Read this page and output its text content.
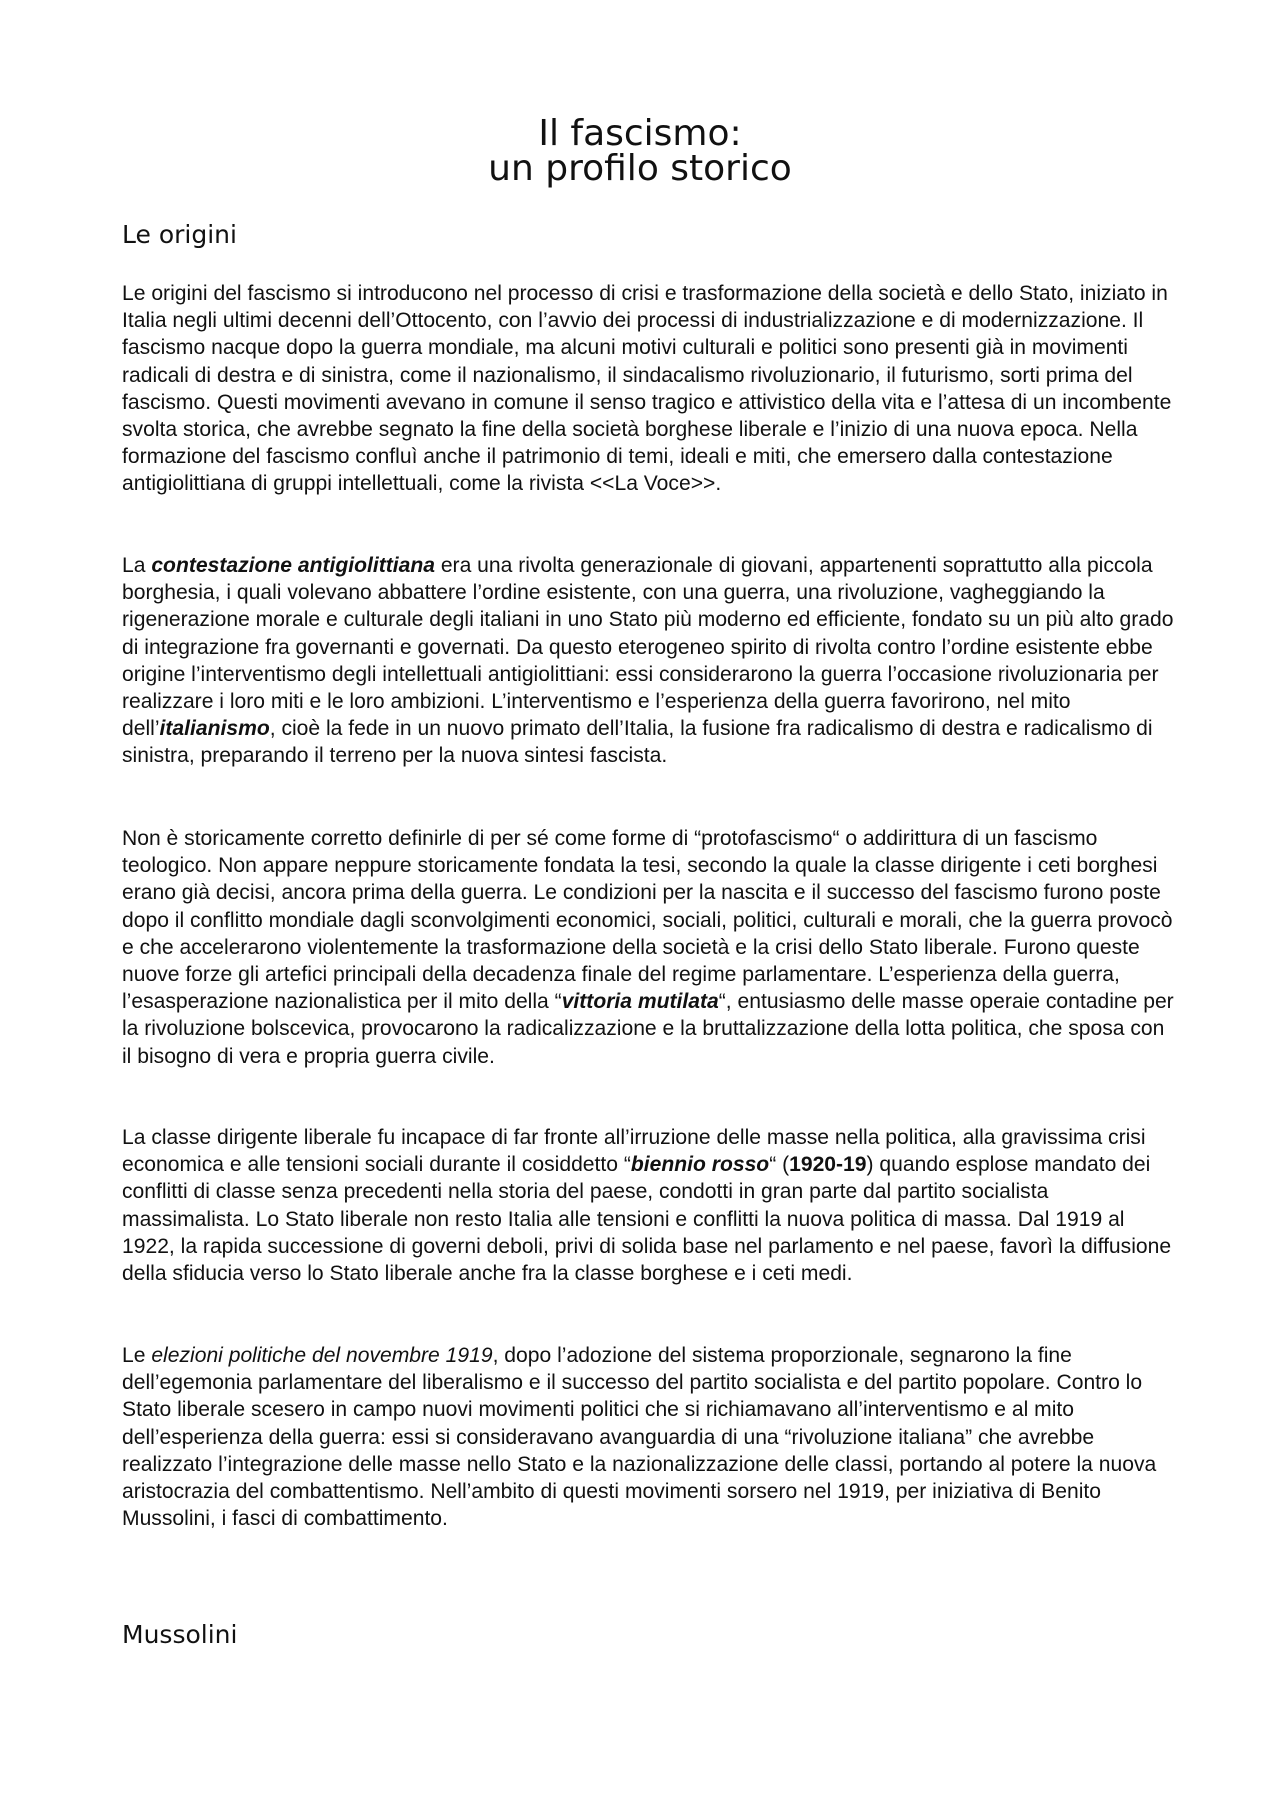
Il fascismo:
un profilo storico
Le origini

Le origini del fascismo si introducono nel processo di crisi e trasformazione della società e dello Stato, iniziato in Italia negli ultimi decenni dell’Ottocento, con l’avvio dei processi di industrializzazione e di modernizzazione. Il fascismo nacque dopo la guerra mondiale, ma alcuni motivi culturali e politici sono presenti già in movimenti radicali di destra e di sinistra, come il nazionalismo, il sindacalismo rivoluzionario, il futurismo, sorti prima del fascismo. Questi movimenti avevano in comune il senso tragico e attivistico della vita e l’attesa di un incombente svolta storica, che avrebbe segnato la fine della società borghese liberale e l’inizio di una nuova epoca. Nella formazione del fascismo confluì anche il patrimonio di temi, ideali e miti, che emersero dalla contestazione antigiolittiana di gruppi intellettuali, come la rivista <<La Voce>>.

La contestazione antigiolittiana era una rivolta generazionale di giovani, appartenenti soprattutto alla piccola borghesia, i quali volevano abbattere l’ordine esistente, con una guerra, una rivoluzione, vagheggiando la rigenerazione morale e culturale degli italiani in uno Stato più moderno ed efficiente, fondato su un più alto grado di integrazione fra governanti e governati. Da questo eterogeneo spirito di rivolta contro l’ordine esistente ebbe origine l’interventismo degli intellettuali antigiolittiani: essi considerarono la guerra l’occasione rivoluzionaria per realizzare i loro miti e le loro ambizioni. L’interventismo e l’esperienza della guerra favorirono, nel mito dell’italianismo, cioè la fede in un nuovo primato dell’Italia, la fusione fra radicalismo di destra e radicalismo di sinistra, preparando il terreno per la nuova sintesi fascista.

Non è storicamente corretto definirle di per sé come forme di “protofascismo“ o addirittura di un fascismo teologico. Non appare neppure storicamente fondata la tesi, secondo la quale la classe dirigente i ceti borghesi erano già decisi, ancora prima della guerra. Le condizioni per la nascita e il successo del fascismo furono poste dopo il conflitto mondiale dagli sconvolgimenti economici, sociali, politici, culturali e morali, che la guerra provocò e che accelerarono violentemente la trasformazione della società e la crisi dello Stato liberale. Furono queste nuove forze gli artefici principali della decadenza finale del regime parlamentare. L’esperienza della guerra, l’esasperazione nazionalistica per il mito della “vittoria mutilata“, entusiasmo delle masse operaie contadine per la rivoluzione bolscevica, provocarono la radicalizzazione e la bruttalizzazione della lotta politica, che sposa con il bisogno di vera e propria guerra civile.

La classe dirigente liberale fu incapace di far fronte all’irruzione delle masse nella politica, alla gravissima crisi economica e alle tensioni sociali durante il cosiddetto “biennio rosso“ (1920-19) quando esplose mandato dei conflitti di classe senza precedenti nella storia del paese, condotti in gran parte dal partito socialista massimalista. Lo Stato liberale non resto Italia alle tensioni e conflitti la nuova politica di massa. Dal 1919 al 1922, la rapida successione di governi deboli, privi di solida base nel parlamento e nel paese, favorì la diffusione della sfiducia verso lo Stato liberale anche fra la classe borghese e i ceti medi.

Le elezioni politiche del novembre 1919, dopo l’adozione del sistema proporzionale, segnarono la fine dell’egemonia parlamentare del liberalismo e il successo del partito socialista e del partito popolare. Contro lo Stato liberale scesero in campo nuovi movimenti politici che si richiamavano all’interventismo e al mito dell’esperienza della guerra: essi si consideravano avanguardia di una “rivoluzione italiana” che avrebbe realizzato l’integrazione delle masse nello Stato e la nazionalizzazione delle classi, portando al potere la nuova aristocrazia del combattentismo. Nell’ambito di questi movimenti sorsero nel 1919, per iniziativa di Benito Mussolini, i fasci di combattimento.

Mussolini
